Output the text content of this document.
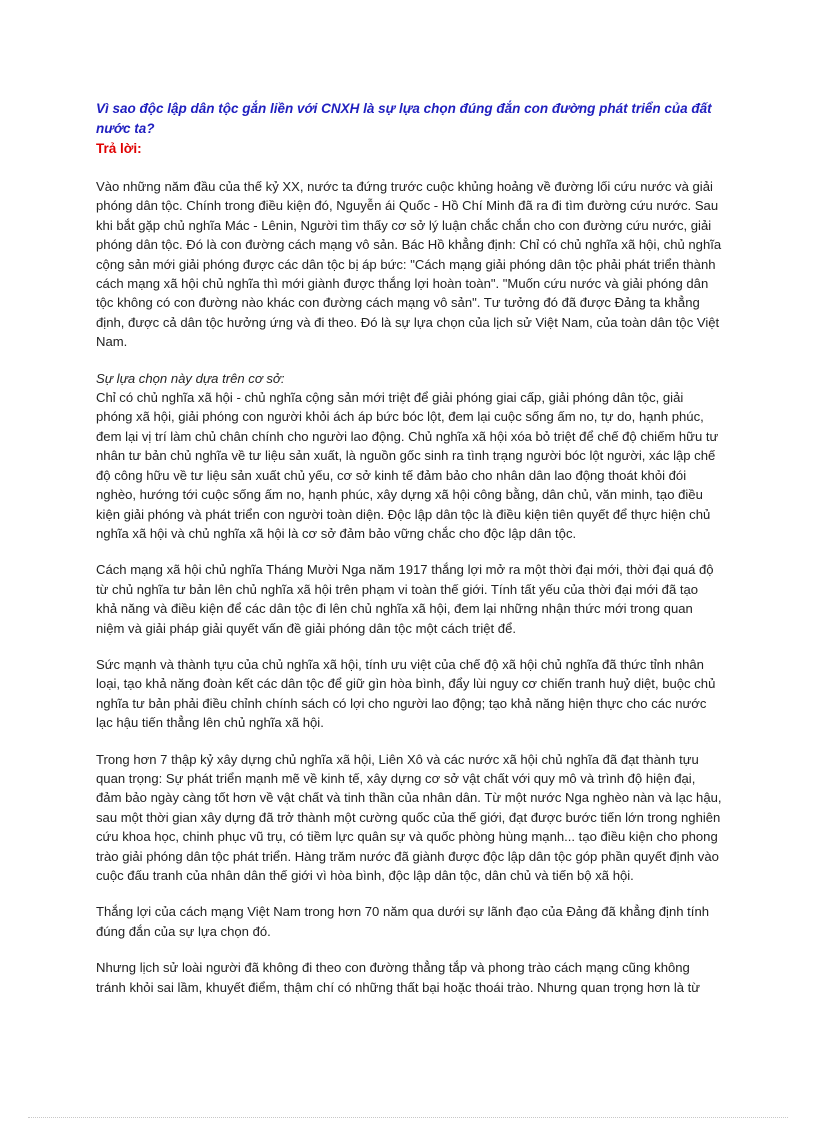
Vì sao độc lập dân tộc gắn liền với CNXH là sự lựa chọn đúng đắn con đường phát triển của đất nước ta?

Trả lời:

Vào những năm đầu của thế kỷ XX, nước ta đứng trước cuộc khủng hoảng về đường lối cứu nước và giải phóng dân tộc. Chính trong điều kiện đó, Nguyễn ái Quốc - Hồ Chí Minh đã ra đi tìm đường cứu nước. Sau khi bắt gặp chủ nghĩa Mác - Lênin, Người tìm thấy cơ sở lý luận chắc chắn cho con đường cứu nước, giải phóng dân tộc. Đó là con đường cách mạng vô sản. Bác Hồ khẳng định: Chỉ có chủ nghĩa xã hội, chủ nghĩa cộng sản mới giải phóng được các dân tộc bị áp bức: "Cách mạng giải phóng dân tộc phải phát triển thành cách mạng xã hội chủ nghĩa thì mới giành được thắng lợi hoàn toàn". "Muốn cứu nước và giải phóng dân tộc không có con đường nào khác con đường cách mạng vô sản". Tư tưởng đó đã được Đảng ta khẳng định, được cả dân tộc hưởng ứng và đi theo. Đó là sự lựa chọn của lịch sử Việt Nam, của toàn dân tộc Việt Nam.

Sự lựa chọn này dựa trên cơ sở:

Chỉ có chủ nghĩa xã hội - chủ nghĩa cộng sản mới triệt để giải phóng giai cấp, giải phóng dân tộc, giải phóng xã hội, giải phóng con người khỏi ách áp bức bóc lột, đem lại cuộc sống ấm no, tự do, hạnh phúc, đem lại vị trí làm chủ chân chính cho người lao động. Chủ nghĩa xã hội xóa bỏ triệt để chế độ chiếm hữu tư nhân tư bản chủ nghĩa về tư liệu sản xuất, là nguồn gốc sinh ra tình trạng người bóc lột người, xác lập chế độ công hữu về tư liệu sản xuất chủ yếu, cơ sở kinh tế đảm bảo cho nhân dân lao động thoát khỏi đói nghèo, hướng tới cuộc sống ấm no, hạnh phúc, xây dựng xã hội công bằng, dân chủ, văn minh, tạo điều kiện giải phóng và phát triển con người toàn diện. Độc lập dân tộc là điều kiện tiên quyết để thực hiện chủ nghĩa xã hội và chủ nghĩa xã hội là cơ sở đảm bảo vững chắc cho độc lập dân tộc.

Cách mạng xã hội chủ nghĩa Tháng Mười Nga năm 1917 thắng lợi mở ra một thời đại mới, thời đại quá độ từ chủ nghĩa tư bản lên chủ nghĩa xã hội trên phạm vi toàn thế giới. Tính tất yếu của thời đại mới đã tạo khả năng và điều kiện để các dân tộc đi lên chủ nghĩa xã hội, đem lại những nhận thức mới trong quan niệm và giải pháp giải quyết vấn đề giải phóng dân tộc một cách triệt để.

Sức mạnh và thành tựu của chủ nghĩa xã hội, tính ưu việt của chế độ xã hội chủ nghĩa đã thức tỉnh nhân loại, tạo khả năng đoàn kết các dân tộc để giữ gìn hòa bình, đẩy lùi nguy cơ chiến tranh huỷ diệt, buộc chủ nghĩa tư bản phải điều chỉnh chính sách có lợi cho người lao động; tạo khả năng hiện thực cho các nước lạc hậu tiến thẳng lên chủ nghĩa xã hội.

Trong hơn 7 thập kỷ xây dựng chủ nghĩa xã hội, Liên Xô và các nước xã hội chủ nghĩa đã đạt thành tựu quan trọng: Sự phát triển mạnh mẽ về kinh tế, xây dựng cơ sở vật chất với quy mô và trình độ hiện đại, đảm bảo ngày càng tốt hơn về vật chất và tinh thần của nhân dân. Từ một nước Nga nghèo nàn và lạc hậu, sau một thời gian xây dựng đã trở thành một cường quốc của thế giới, đạt được bước tiến lớn trong nghiên cứu khoa học, chinh phục vũ trụ, có tiềm lực quân sự và quốc phòng hùng mạnh... tạo điều kiện cho phong trào giải phóng dân tộc phát triển. Hàng trăm nước đã giành được độc lập dân tộc góp phần quyết định vào cuộc đấu tranh của nhân dân thế giới vì hòa bình, độc lập dân tộc, dân chủ và tiến bộ xã hội.

Thắng lợi của cách mạng Việt Nam trong hơn 70 năm qua dưới sự lãnh đạo của Đảng đã khẳng định tính đúng đắn của sự lựa chọn đó.

Nhưng lịch sử loài người đã không đi theo con đường thẳng tắp và phong trào cách mạng cũng không tránh khỏi sai lầm, khuyết điểm, thậm chí có những thất bại hoặc thoái trào. Nhưng quan trọng hơn là từ
